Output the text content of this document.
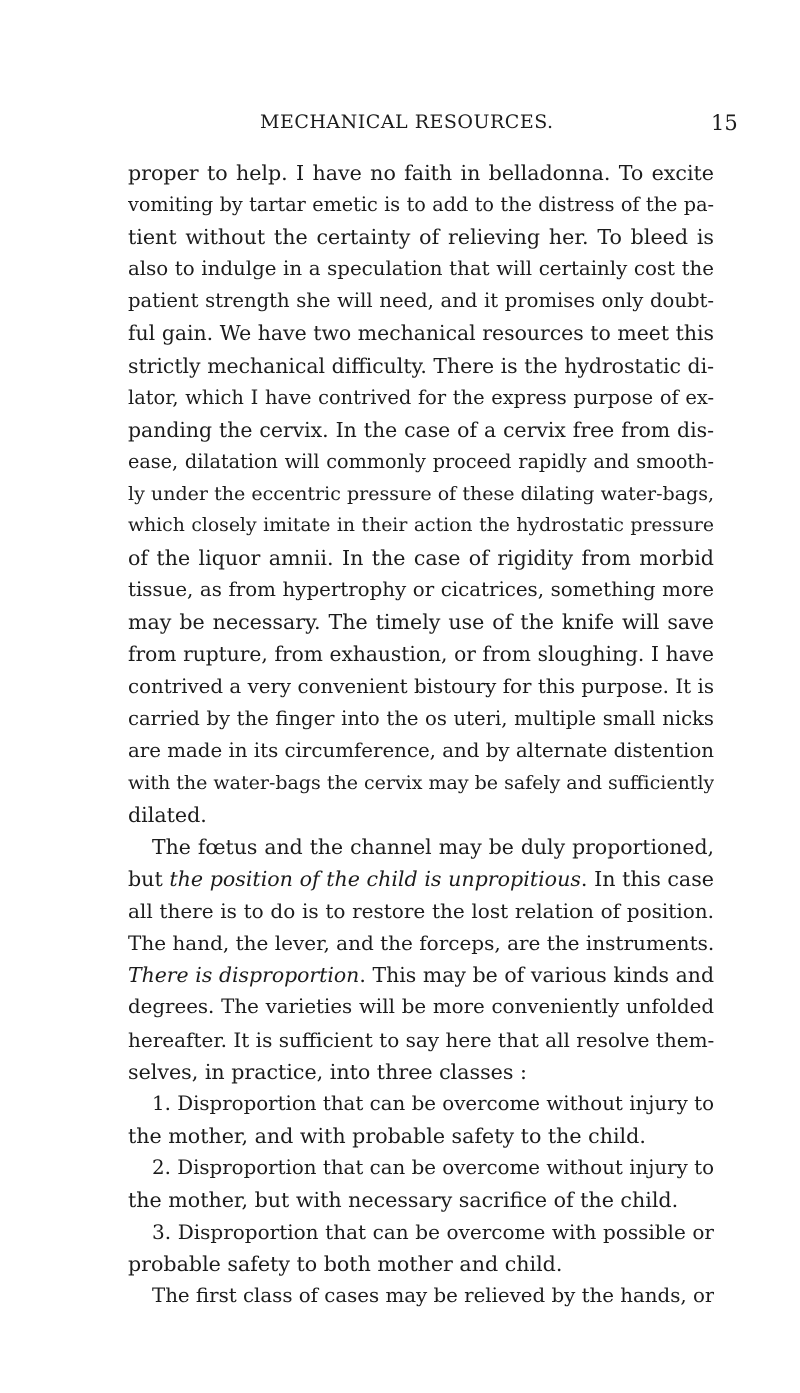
MECHANICAL RESOURCES.	15
proper to help. I have no faith in belladonna. To excite
vomiting by tartar emetic is to add to the distress of the pa-
tient without the certainty of relieving her. To bleed is
also to indulge in a speculation that will certainly cost the
patient strength she will need, and it promises only doubt-
ful gain. We have two mechanical resources to meet this
strictly mechanical difficulty. There is the hydrostatic di-
lator, which I have contrived for the express purpose of ex-
panding the cervix. In the case of a cervix free from dis-
ease, dilatation will commonly proceed rapidly and smooth-
ly under the eccentric pressure of these dilating water-bags,
which closely imitate in their action the hydrostatic pressure
of the liquor amnii. In the case of rigidity from morbid
tissue, as from hypertrophy or cicatrices, something more
may be necessary. The timely use of the knife will save
from rupture, from exhaustion, or from sloughing. I have
contrived a very convenient bistoury for this purpose. It is
carried by the finger into the os uteri, multiple small nicks
are made in its circumference, and by alternate distention
with the water-bags the cervix may be safely and sufficiently
dilated.
The fœtus and the channel may be duly proportioned,
but the position of the child is unpropitious. In this case
all there is to do is to restore the lost relation of position.
The hand, the lever, and the forceps, are the instruments.
There is disproportion. This may be of various kinds and
degrees. The varieties will be more conveniently unfolded
hereafter. It is sufficient to say here that all resolve them-
selves, in practice, into three classes :
1. Disproportion that can be overcome without injury to
the mother, and with probable safety to the child.
2. Disproportion that can be overcome without injury to
the mother, but with necessary sacrifice of the child.
3. Disproportion that can be overcome with possible or
probable safety to both mother and child.
The first class of cases may be relieved by the hands, or
